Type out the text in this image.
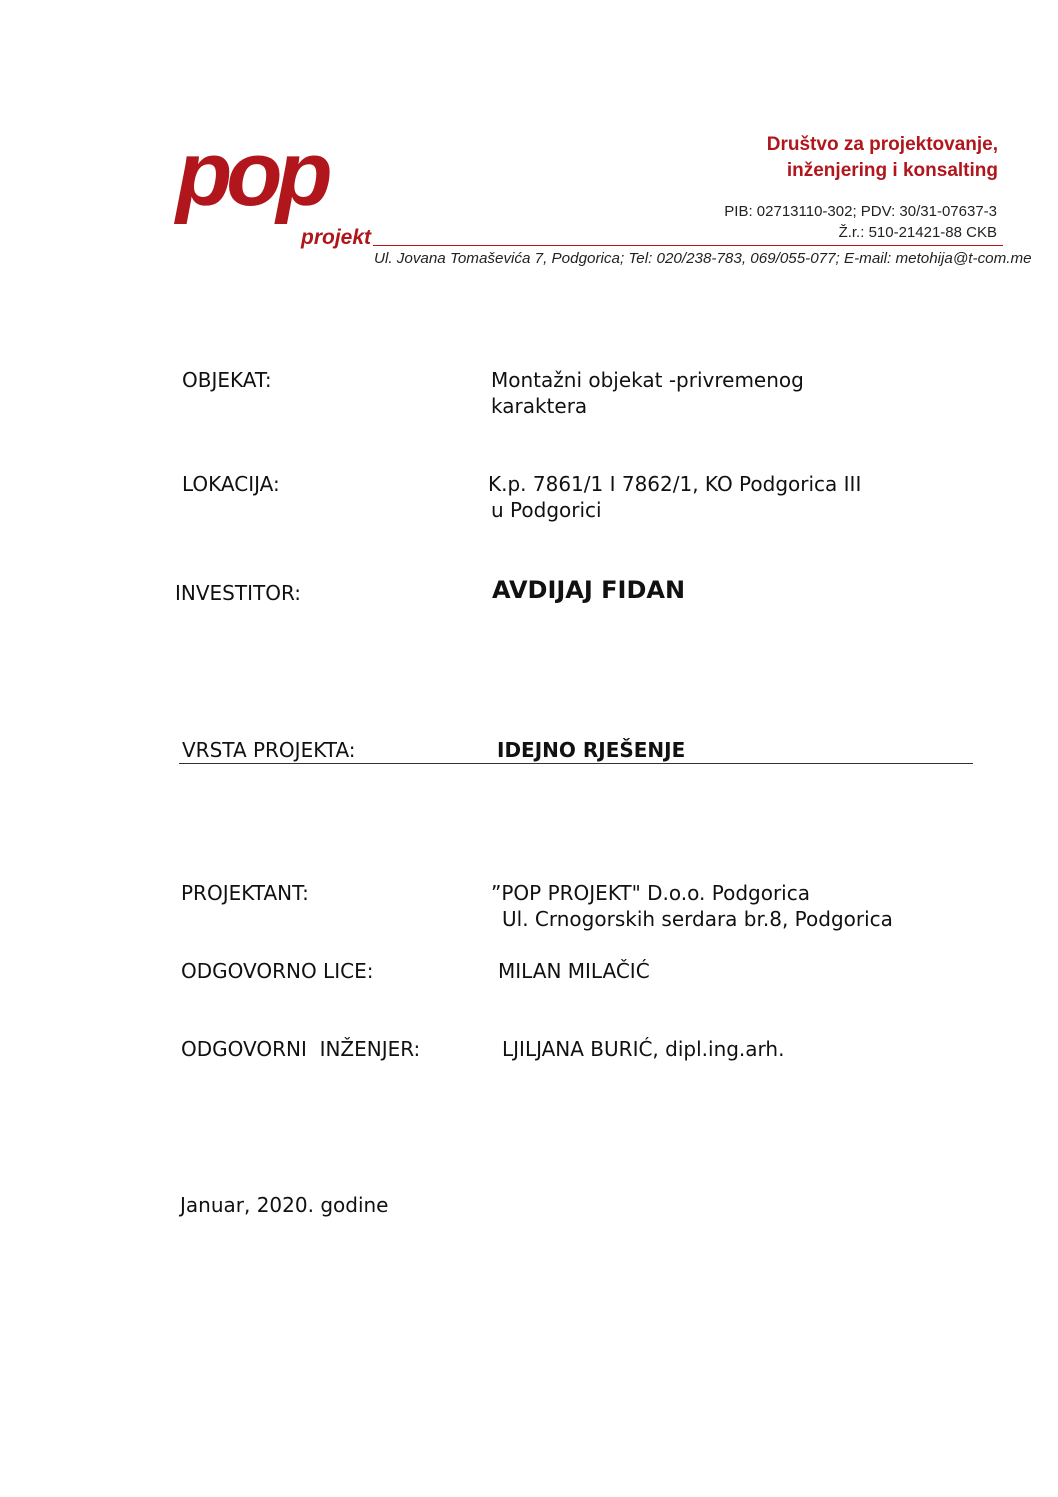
pop
projekt
Društvo za projektovanje,
inženjering i konsalting
PIB: 02713110-302; PDV: 30/31-07637-3
Ž.r.: 510-21421-88 CKB
Ul. Jovana Tomaševića 7, Podgorica; Tel: 020/238-783, 069/055-077; E-mail: metohija@t-com.me
OBJEKAT:	Montažni objekat -privremenog
karaktera
LOKACIJA:	K.p. 7861/1 I 7862/1, KO Podgorica III
u Podgorici
INVESTITOR:	AVDIJAJ FIDAN
VRSTA PROJEKTA:	IDEJNO RJEŠENJE
PROJEKTANT:	”POP PROJEKT" D.o.o. Podgorica
Ul. Crnogorskih serdara br.8, Podgorica
ODGOVORNO LICE:	MILAN MILAČIĆ
ODGOVORNI  INŽENJER:	LJILJANA BURIĆ, dipl.ing.arh.
Januar, 2020. godine
